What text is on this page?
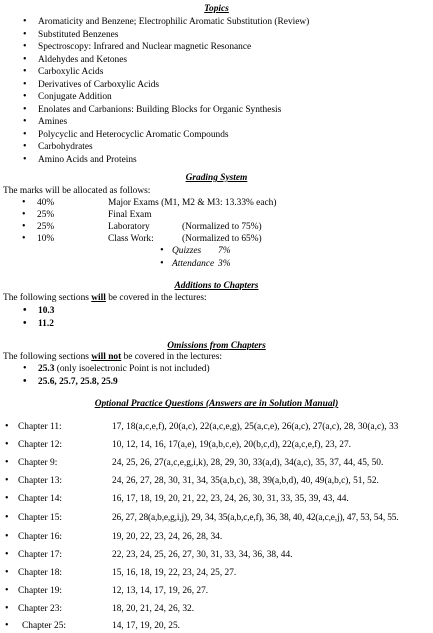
Topics
• Aromaticity and Benzene; Electrophilic Aromatic Substitution (Review)
• Substituted Benzenes
• Spectroscopy: Infrared and Nuclear magnetic Resonance
• Aldehydes and Ketones
• Carboxylic Acids
• Derivatives of Carboxylic Acids
• Conjugate Addition
• Enolates and Carbanions: Building Blocks for Organic Synthesis
• Amines
• Polycyclic and Heterocyclic Aromatic Compounds
• Carbohydrates
• Amino Acids and Proteins
Grading System
The marks will be allocated as follows:
• 40%	Major Exams (M1, M2 & M3: 13.33% each)
• 25%	Final Exam
• 25%	Laboratory	(Normalized to 75%)
• 10%	Class Work:	(Normalized to 65%)
• Quizzes 7%
• Attendance 3%
Additions to Chapters
The following sections will be covered in the lectures:
• 10.3
• 11.2
Omissions from Chapters
The following sections will not be covered in the lectures:
• 25.3 (only isoelectronic Point is not included)
• 25.6, 25.7, 25.8, 25.9
Optional Practice Questions (Answers are in Solution Manual)
• Chapter 11:	17, 18(a,c,e,f), 20(a,c), 22(a,c,e,g), 25(a,c,e), 26(a,c), 27(a,c), 28, 30(a,c), 33
• Chapter 12:	10, 12, 14, 16, 17(a,e), 19(a,b,c,e), 20(b,c,d), 22(a,c,e,f), 23, 27.
• Chapter 9:	24, 25, 26, 27(a,c,e,g,i,k), 28, 29, 30, 33(a,d), 34(a,c), 35, 37, 44, 45, 50.
• Chapter 13:	24, 26, 27, 28, 30, 31, 34, 35(a,b,c), 38, 39(a,b,d), 40, 49(a,b,c), 51, 52.
• Chapter 14:	16, 17, 18, 19, 20, 21, 22, 23, 24, 26, 30, 31, 33, 35, 39, 43, 44.
• Chapter 15:	26, 27, 28(a,b,e,g,i,j), 29, 34, 35(a,b,c,e,f), 36, 38, 40, 42(a,c,e,j), 47, 53, 54, 55.
• Chapter 16:	19, 20, 22, 23, 24, 26, 28, 34.
• Chapter 17:	22, 23, 24, 25, 26, 27, 30, 31, 33, 34, 36, 38, 44.
• Chapter 18:	15, 16, 18, 19, 22, 23, 24, 25, 27.
• Chapter 19:	12, 13, 14, 17, 19, 26, 27.
• Chapter 23:	18, 20, 21, 24, 26, 32.
• Chapter 25:	14, 17, 19, 20, 25.
